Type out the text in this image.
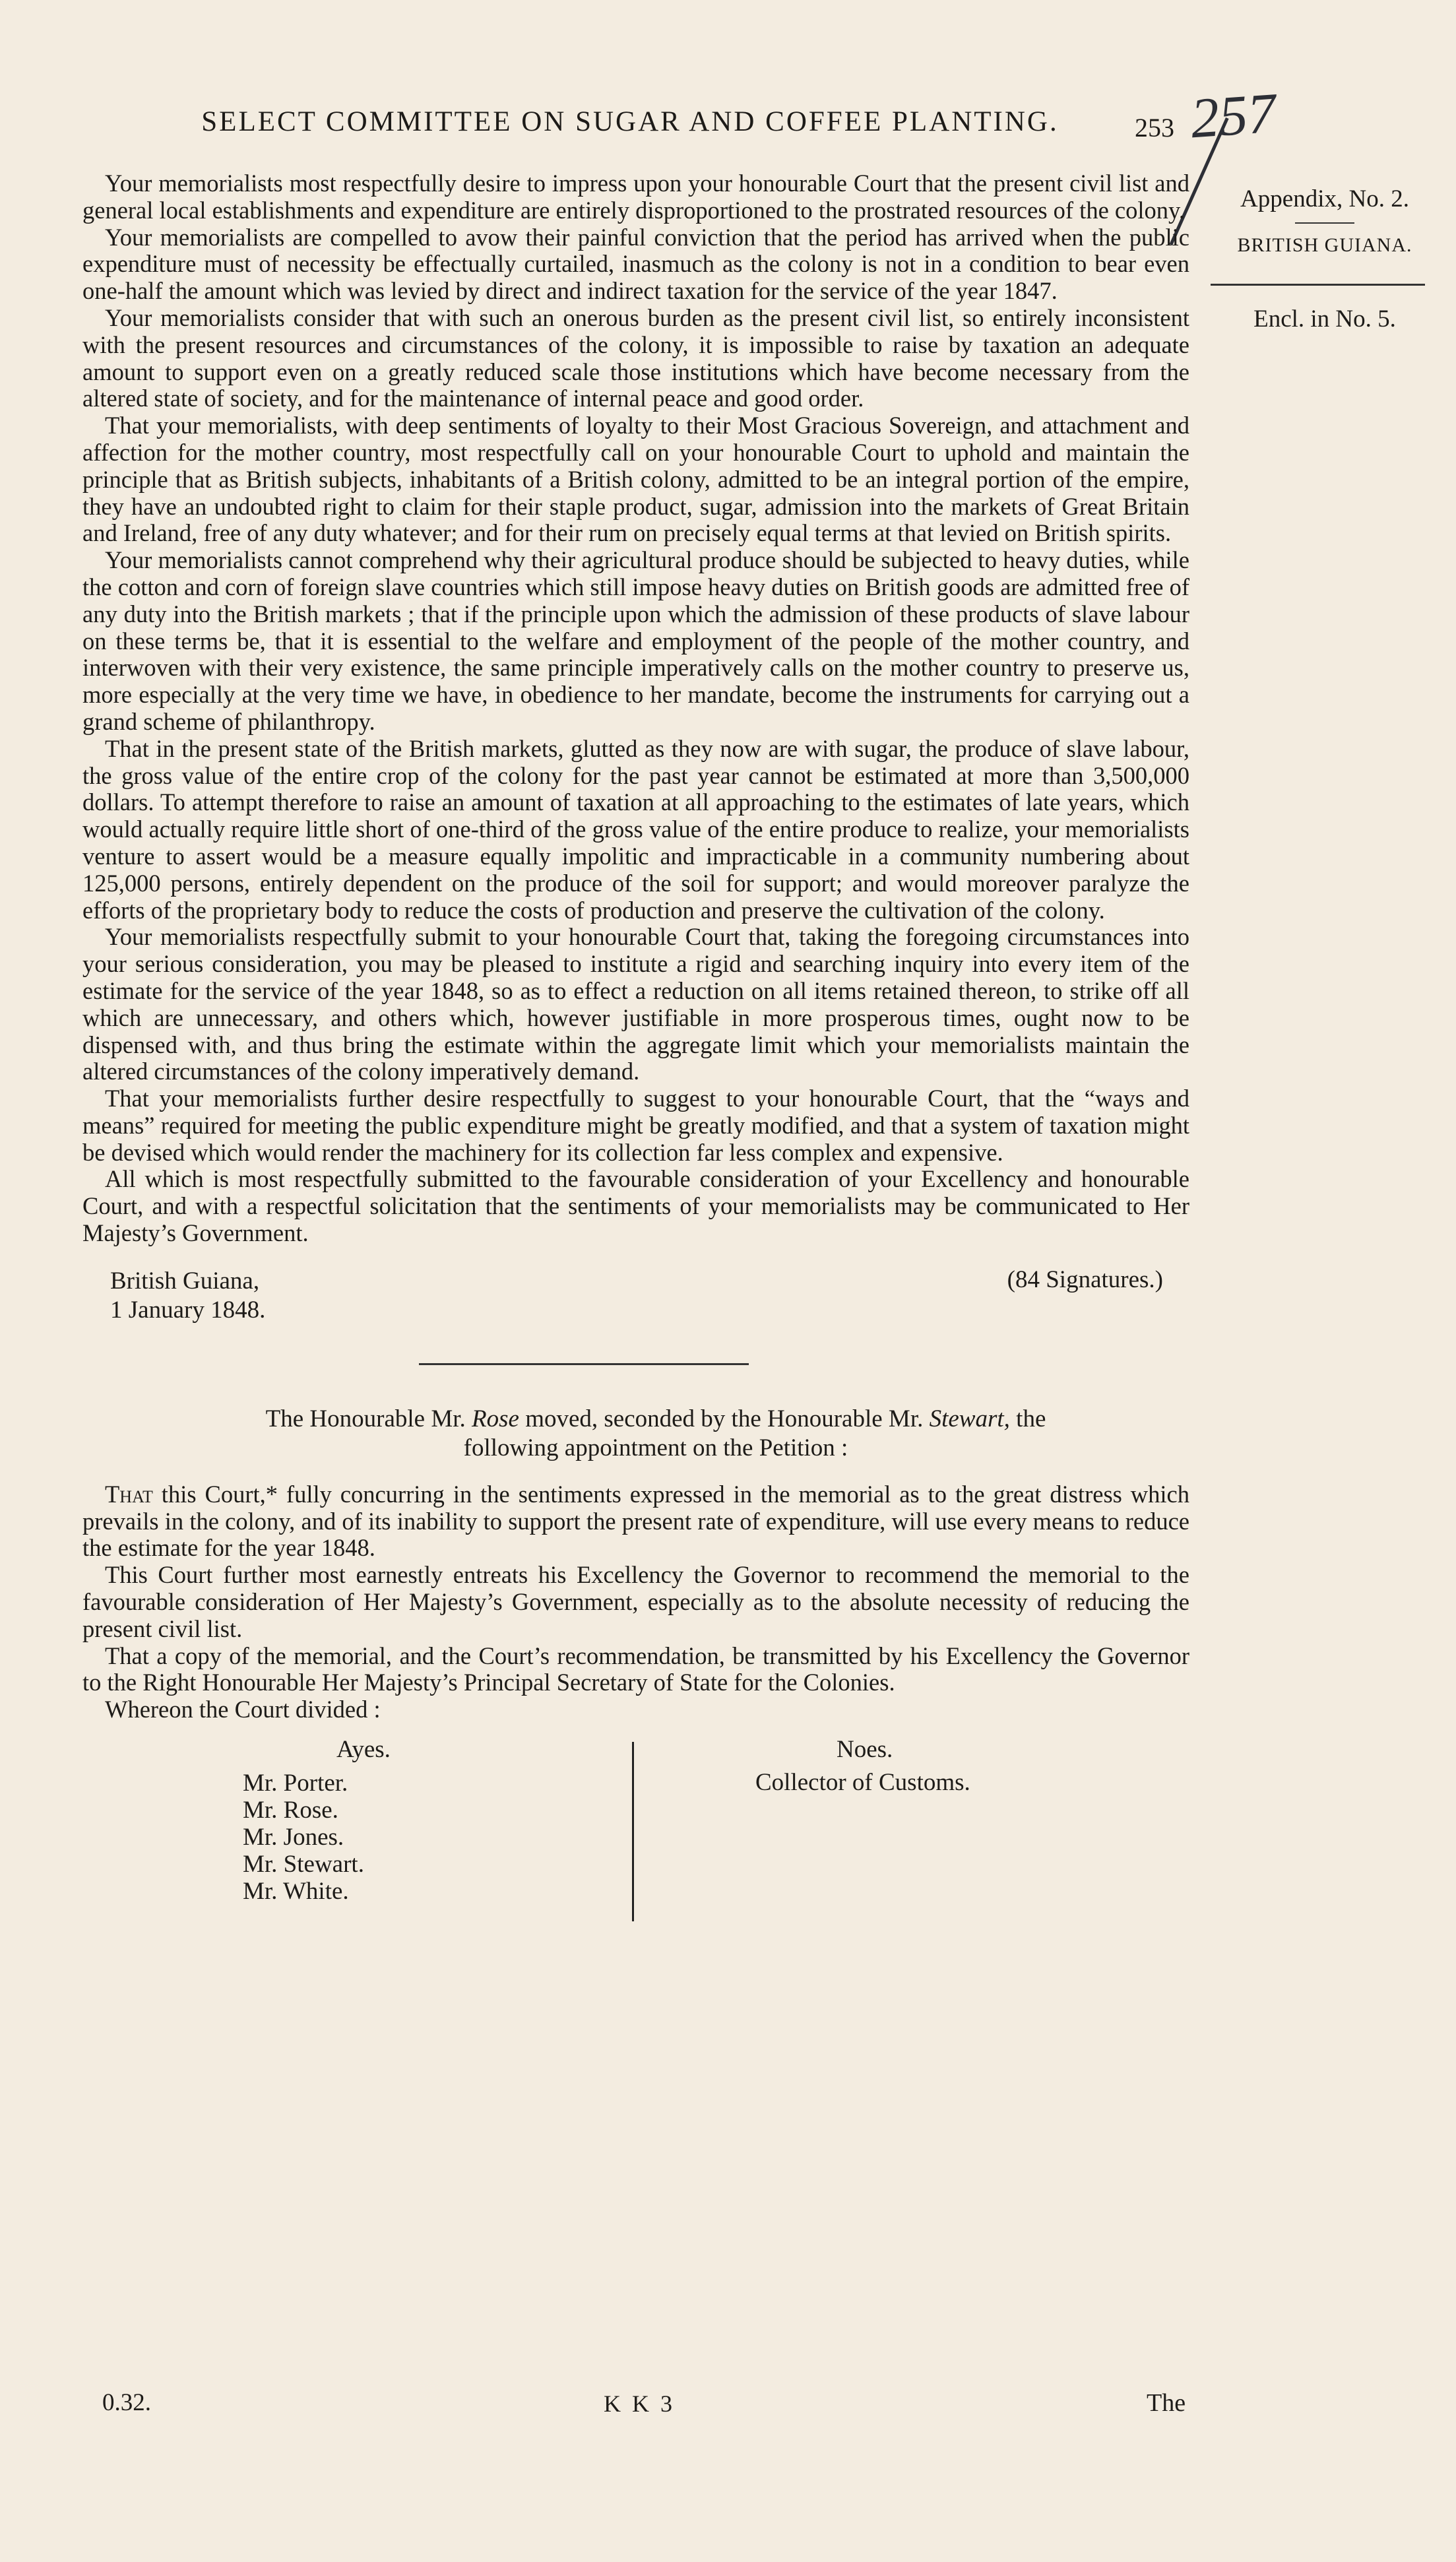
SELECT COMMITTEE ON SUGAR AND COFFEE PLANTING.	253 257
Appendix, No. 2.
BRITISH GUIANA.
Encl. in No. 5.

Your memorialists most respectfully desire to impress upon your honourable Court that the present civil list and general local establishments and expenditure are entirely disproportioned to the prostrated resources of the colony.

Your memorialists are compelled to avow their painful conviction that the period has arrived when the public expenditure must of necessity be effectually curtailed, inasmuch as the colony is not in a condition to bear even one-half the amount which was levied by direct and indirect taxation for the service of the year 1847.

Your memorialists consider that with such an onerous burden as the present civil list, so entirely inconsistent with the present resources and circumstances of the colony, it is impossible to raise by taxation an adequate amount to support even on a greatly reduced scale those institutions which have become necessary from the altered state of society, and for the maintenance of internal peace and good order.

That your memorialists, with deep sentiments of loyalty to their Most Gracious Sovereign, and attachment and affection for the mother country, most respectfully call on your honourable Court to uphold and maintain the principle that as British subjects, inhabitants of a British colony, admitted to be an integral portion of the empire, they have an undoubted right to claim for their staple product, sugar, admission into the markets of Great Britain and Ireland, free of any duty whatever; and for their rum on precisely equal terms at that levied on British spirits.

Your memorialists cannot comprehend why their agricultural produce should be subjected to heavy duties, while the cotton and corn of foreign slave countries which still impose heavy duties on British goods are admitted free of any duty into the British markets ; that if the principle upon which the admission of these products of slave labour on these terms be, that it is essential to the welfare and employment of the people of the mother country, and interwoven with their very existence, the same principle imperatively calls on the mother country to preserve us, more especially at the very time we have, in obedience to her mandate, become the instruments for carrying out a grand scheme of philanthropy.

That in the present state of the British markets, glutted as they now are with sugar, the produce of slave labour, the gross value of the entire crop of the colony for the past year cannot be estimated at more than 3,500,000 dollars. To attempt therefore to raise an amount of taxation at all approaching to the estimates of late years, which would actually require little short of one-third of the gross value of the entire produce to realize, your memorialists venture to assert would be a measure equally impolitic and impracticable in a community numbering about 125,000 persons, entirely dependent on the produce of the soil for support; and would moreover paralyze the efforts of the proprietary body to reduce the costs of production and preserve the cultivation of the colony.

Your memorialists respectfully submit to your honourable Court that, taking the foregoing circumstances into your serious consideration, you may be pleased to institute a rigid and searching inquiry into every item of the estimate for the service of the year 1848, so as to effect a reduction on all items retained thereon, to strike off all which are unnecessary, and others which, however justifiable in more prosperous times, ought now to be dispensed with, and thus bring the estimate within the aggregate limit which your memorialists maintain the altered circumstances of the colony imperatively demand.

That your memorialists further desire respectfully to suggest to your honourable Court, that the “ways and means” required for meeting the public expenditure might be greatly modified, and that a system of taxation might be devised which would render the machinery for its collection far less complex and expensive.

All which is most respectfully submitted to the favourable consideration of your Excellency and honourable Court, and with a respectful solicitation that the sentiments of your memorialists may be communicated to Her Majesty’s Government.

British Guiana,
1 January 1848.
(84 Signatures.)
The Honourable Mr. Rose moved, seconded by the Honourable Mr. Stewart, the
following appointment on the Petition :

That this Court,* fully concurring in the sentiments expressed in the memorial as to the great distress which prevails in the colony, and of its inability to support the present rate of expenditure, will use every means to reduce the estimate for the year 1848.

This Court further most earnestly entreats his Excellency the Governor to recommend the memorial to the favourable consideration of Her Majesty’s Government, especially as to the absolute necessity of reducing the present civil list.

That a copy of the memorial, and the Court’s recommendation, be transmitted by his Excellency the Governor to the Right Honourable Her Majesty’s Principal Secretary of State for the Colonies.

Whereon the Court divided :

Ayes.
Mr. Porter.
Mr. Rose.
Mr. Jones.
Mr. Stewart.
Mr. White.
Noes.
Collector of Customs.
0.32.	K K 3	The
